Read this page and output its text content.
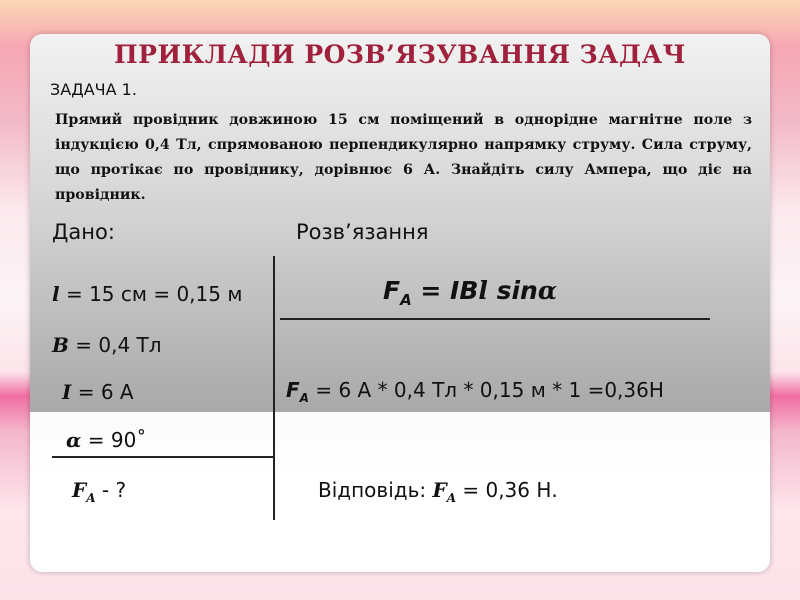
ПРИКЛАДИ РОЗВ’ЯЗУВАННЯ ЗАДАЧ
ЗАДАЧА 1.
Прямий провідник довжиною 15 см поміщений в однорідне магнітне поле з індукцією 0,4 Тл, спрямованою перпендикулярно напрямку струму. Сила струму, що протікає по провіднику, дорівнює 6 А. Знайдіть силу Ампера, що діє на провідник.
Дано:	Розв’язання
l = 15 см = 0,15 м
B = 0,4 Тл
I = 6 А
α = 90˚
$F_A$ - ?
$F_A$ = IBl sinα
$F_A = 6$ А * 0,4 Тл * 0,15 м * 1 =0,36Н
Відповідь: $F_A = 0,36$ Н.
